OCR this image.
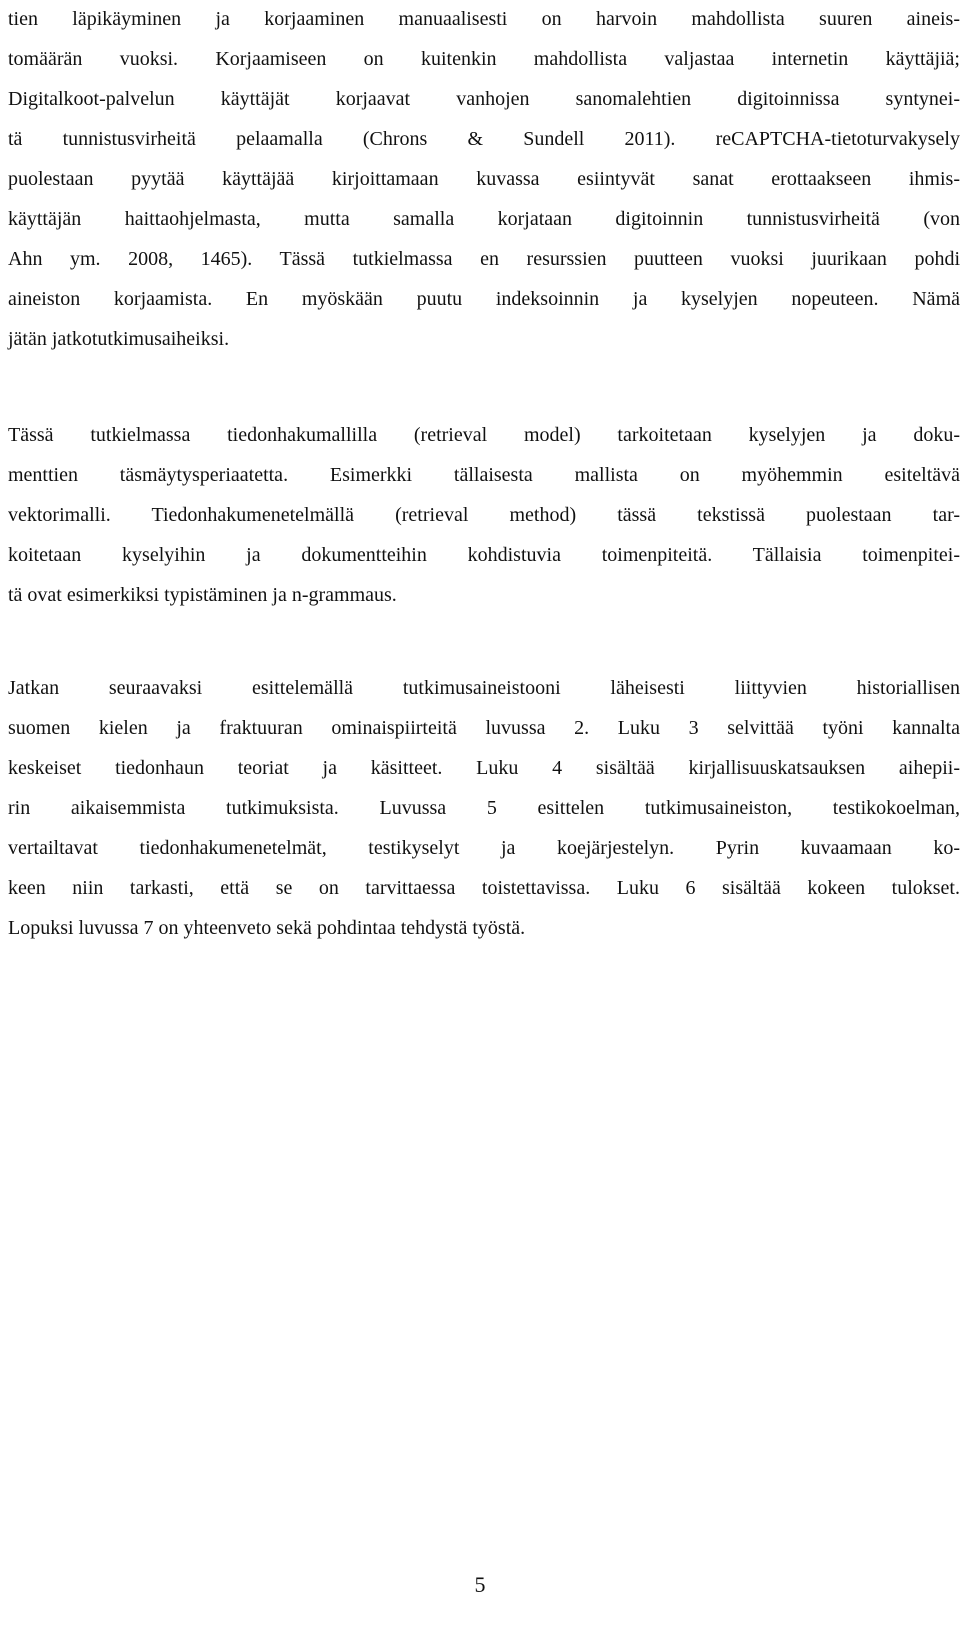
tien läpikäyminen ja korjaaminen manuaalisesti on harvoin mahdollista suuren aineis-
tomäärän vuoksi. Korjaamiseen on kuitenkin mahdollista valjastaa internetin käyttäjiä;
Digitalkoot-palvelun käyttäjät korjaavat vanhojen sanomalehtien digitoinnissa syntynei-
tä tunnistusvirheitä pelaamalla (Chrons & Sundell 2011). reCAPTCHA-tietoturvakysely
puolestaan pyytää käyttäjää kirjoittamaan kuvassa esiintyvät sanat erottaakseen ihmis-
käyttäjän haittaohjelmasta, mutta samalla korjataan digitoinnin tunnistusvirheitä (von
Ahn ym. 2008, 1465). Tässä tutkielmassa en resurssien puutteen vuoksi juurikaan pohdi
aineiston korjaamista. En myöskään puutu indeksoinnin ja kyselyjen nopeuteen. Nämä
jätän jatkotutkimusaiheiksi.

Tässä tutkielmassa tiedonhakumallilla (retrieval model) tarkoitetaan kyselyjen ja doku-
menttien täsmäytysperiaatetta. Esimerkki tällaisesta mallista on myöhemmin esiteltävä
vektorimalli. Tiedonhakumenetelmällä (retrieval method) tässä tekstissä puolestaan tar-
koitetaan kyselyihin ja dokumentteihin kohdistuvia toimenpiteitä. Tällaisia toimenpitei-
tä ovat esimerkiksi typistäminen ja n-grammaus.

Jatkan seuraavaksi esittelemällä tutkimusaineistooni läheisesti liittyvien historiallisen
suomen kielen ja fraktuuran ominaispiirteitä luvussa 2. Luku 3 selvittää työni kannalta
keskeiset tiedonhaun teoriat ja käsitteet. Luku 4 sisältää kirjallisuuskatsauksen aihepii-
rin aikaisemmista tutkimuksista. Luvussa 5 esittelen tutkimusaineiston, testikokoelman,
vertailtavat tiedonhakumenetelmät, testikyselyt ja koejärjestelyn. Pyrin kuvaamaan ko-
keen niin tarkasti, että se on tarvittaessa toistettavissa. Luku 6 sisältää kokeen tulokset.
Lopuksi luvussa 7 on yhteenveto sekä pohdintaa tehdystä työstä.

5
